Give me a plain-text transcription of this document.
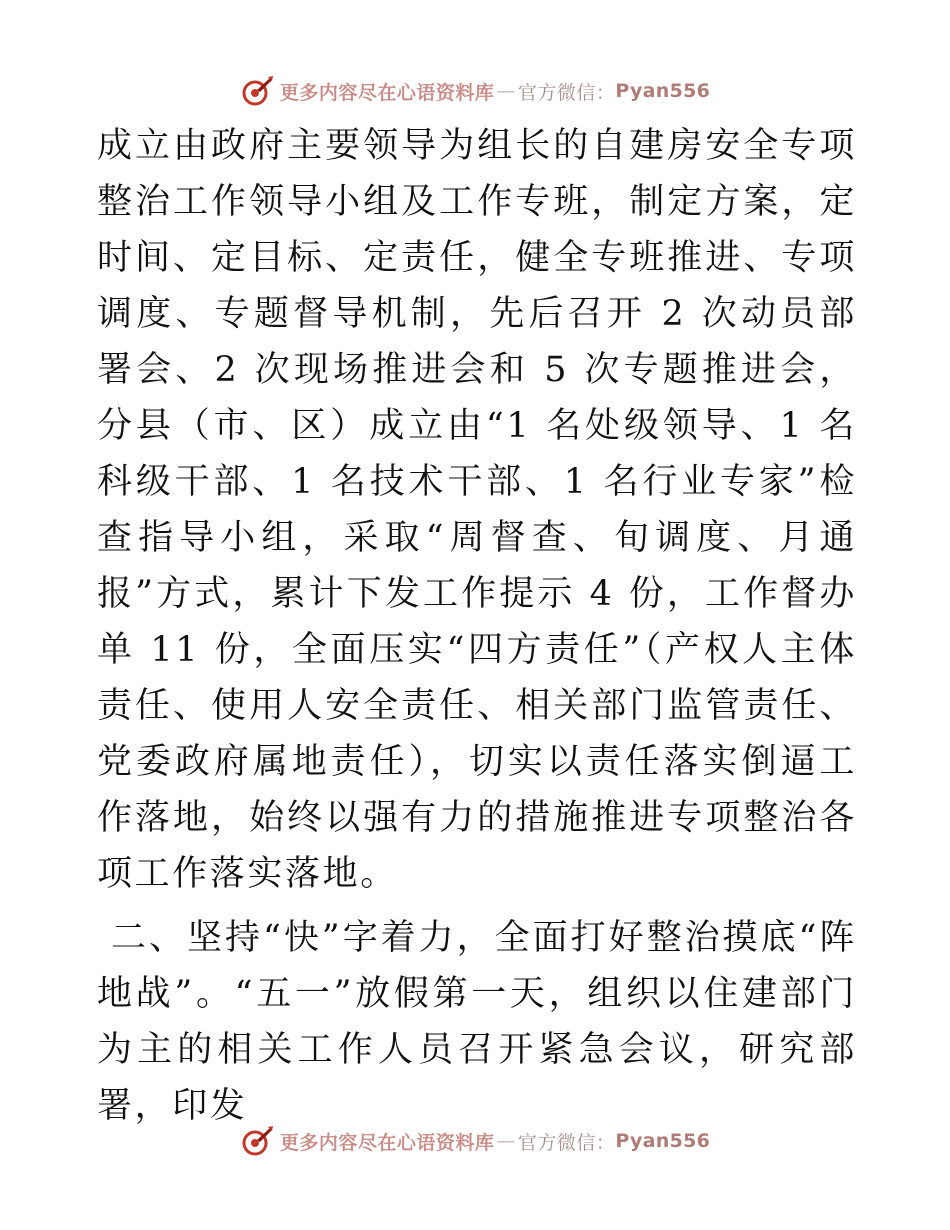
更多内容尽在心语资料库 — 官方微信： Pyan556

成立由政府主要领导为组长的自建房安全专项整治工作领导小组及工作专班，制定方案，定时间、定目标、定责任，健全专班推进、专项调度、专题督导机制，先后召开 2 次动员部署会、2 次现场推进会和 5 次专题推进会，分县（市、区）成立由“1 名处级领导、1 名科级干部、1 名技术干部、1 名行业专家”检查指导小组，采取“周督查、旬调度、月通报”方式，累计下发工作提示 4 份，工作督办单 11 份，全面压实“四方责任”（产权人主体责任、使用人安全责任、相关部门监管责任、党委政府属地责任），切实以责任落实倒逼工作落地，始终以强有力的措施推进专项整治各项工作落实落地。

二、坚持“快”字着力，全面打好整治摸底“阵地战”。“五一”放假第一天，组织以住建部门为主的相关工作人员召开紧急会议，研究部署，印发

更多内容尽在心语资料库 — 官方微信： Pyan556
